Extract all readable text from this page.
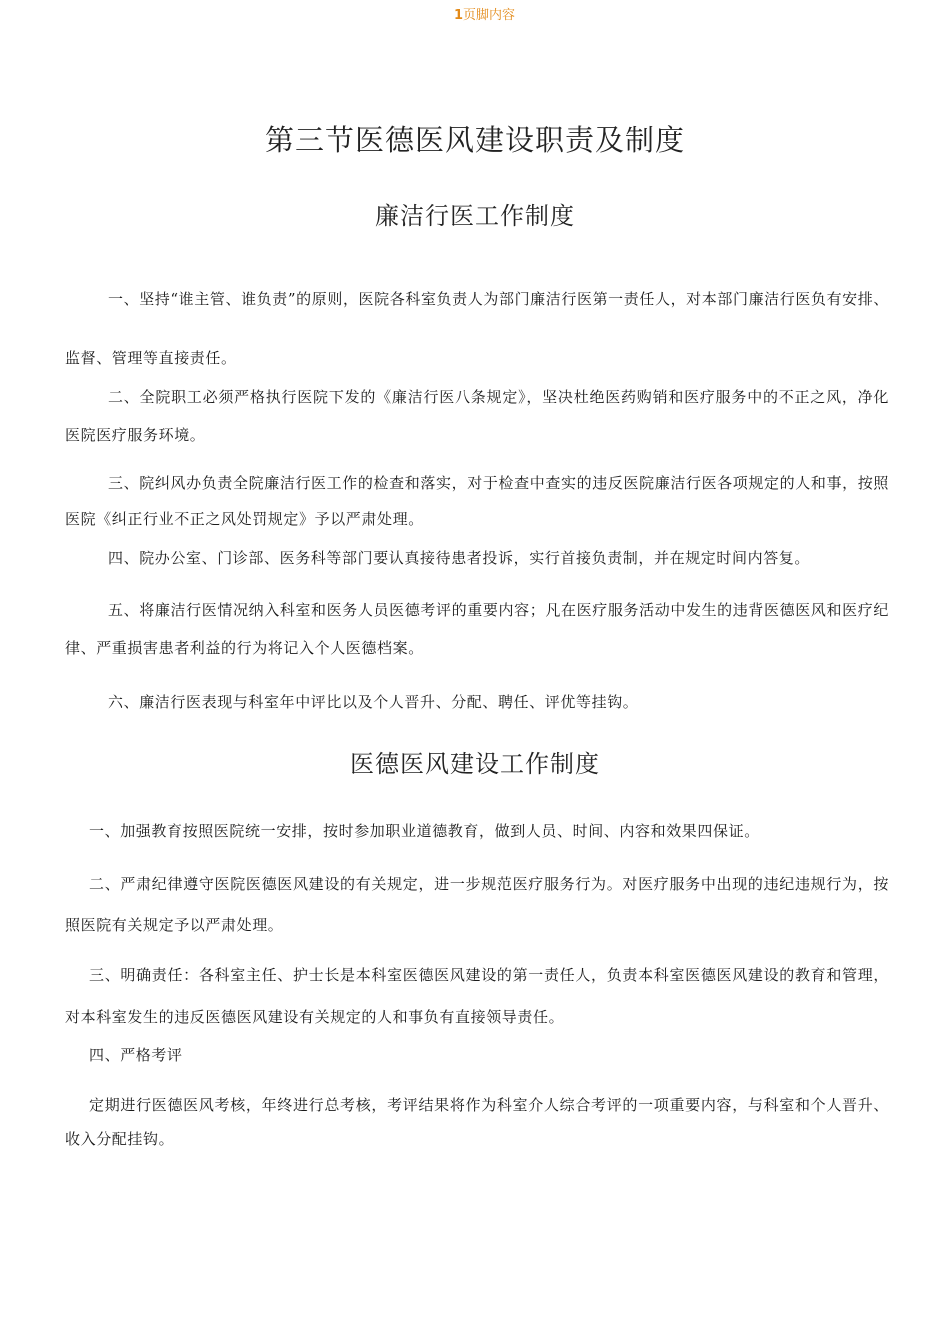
1页脚内容
第三节医德医风建设职责及制度
廉洁行医工作制度
一、坚持“谁主管、谁负责”的原则，医院各科室负责人为部门廉洁行医第一责任人，对本部门廉洁行医负有安排、监督、管理等直接责任。
二、全院职工必须严格执行医院下发的《廉洁行医八条规定》，坚决杜绝医药购销和医疗服务中的不正之风，净化医院医疗服务环境。
三、院纠风办负责全院廉洁行医工作的检查和落实，对于检查中查实的违反医院廉洁行医各项规定的人和事，按照医院《纠正行业不正之风处罚规定》予以严肃处理。
四、院办公室、门诊部、医务科等部门要认真接待患者投诉，实行首接负责制，并在规定时间内答复。
五、将廉洁行医情况纳入科室和医务人员医德考评的重要内容；凡在医疗服务活动中发生的违背医德医风和医疗纪律、严重损害患者利益的行为将记入个人医德档案。
六、廉洁行医表现与科室年中评比以及个人晋升、分配、聘任、评优等挂钩。
医德医风建设工作制度
一、加强教育按照医院统一安排，按时参加职业道德教育，做到人员、时间、内容和效果四保证。
二、严肃纪律遵守医院医德医风建设的有关规定，进一步规范医疗服务行为。对医疗服务中出现的违纪违规行为，按照医院有关规定予以严肃处理。
三、明确责任：各科室主任、护士长是本科室医德医风建设的第一责任人，负责本科室医德医风建设的教育和管理，对本科室发生的违反医德医风建设有关规定的人和事负有直接领导责任。
四、严格考评
定期进行医德医风考核，年终进行总考核，考评结果将作为科室介人综合考评的一项重要内容，与科室和个人晋升、收入分配挂钩。
